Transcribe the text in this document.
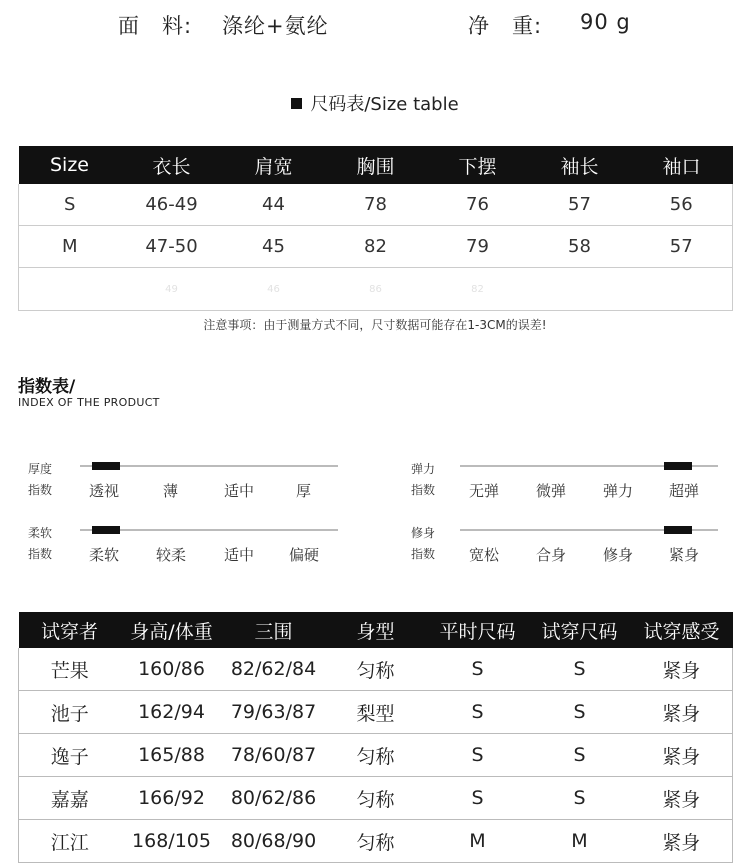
面　料: 涤纶+氨纶	净　重: 90 g
尺码表/Size table
Size	衣长	肩宽	胸围	下摆	袖长	袖口
S	46-49	44	78	76	57	56
M	47-50	45	82	79	58	57
	49	46	86	82		
注意事项：由于测量方式不同，尺寸数据可能存在1-3CM的误差!
指数表/
INDEX OF THE PRODUCT
厚度
指数 透视	薄	适中	厚
弹力
指数 无弹 微弹 弹力 超弹
柔软
指数 柔软 较柔	适中 偏硬
修身
指数 宽松 合身 修身 紧身
试穿者	身高/体重	三围	身型	平时尺码	试穿尺码	试穿感受
芒果	160/86	82/62/84	匀称	S	S	紧身
池子	162/94	79/63/87	梨型	S	S	紧身
逸子	165/88	78/60/87	匀称	S	S	紧身
嘉嘉	166/92	80/62/86	匀称	S	S	紧身
江江	168/105	80/68/90	匀称	M	M	紧身
